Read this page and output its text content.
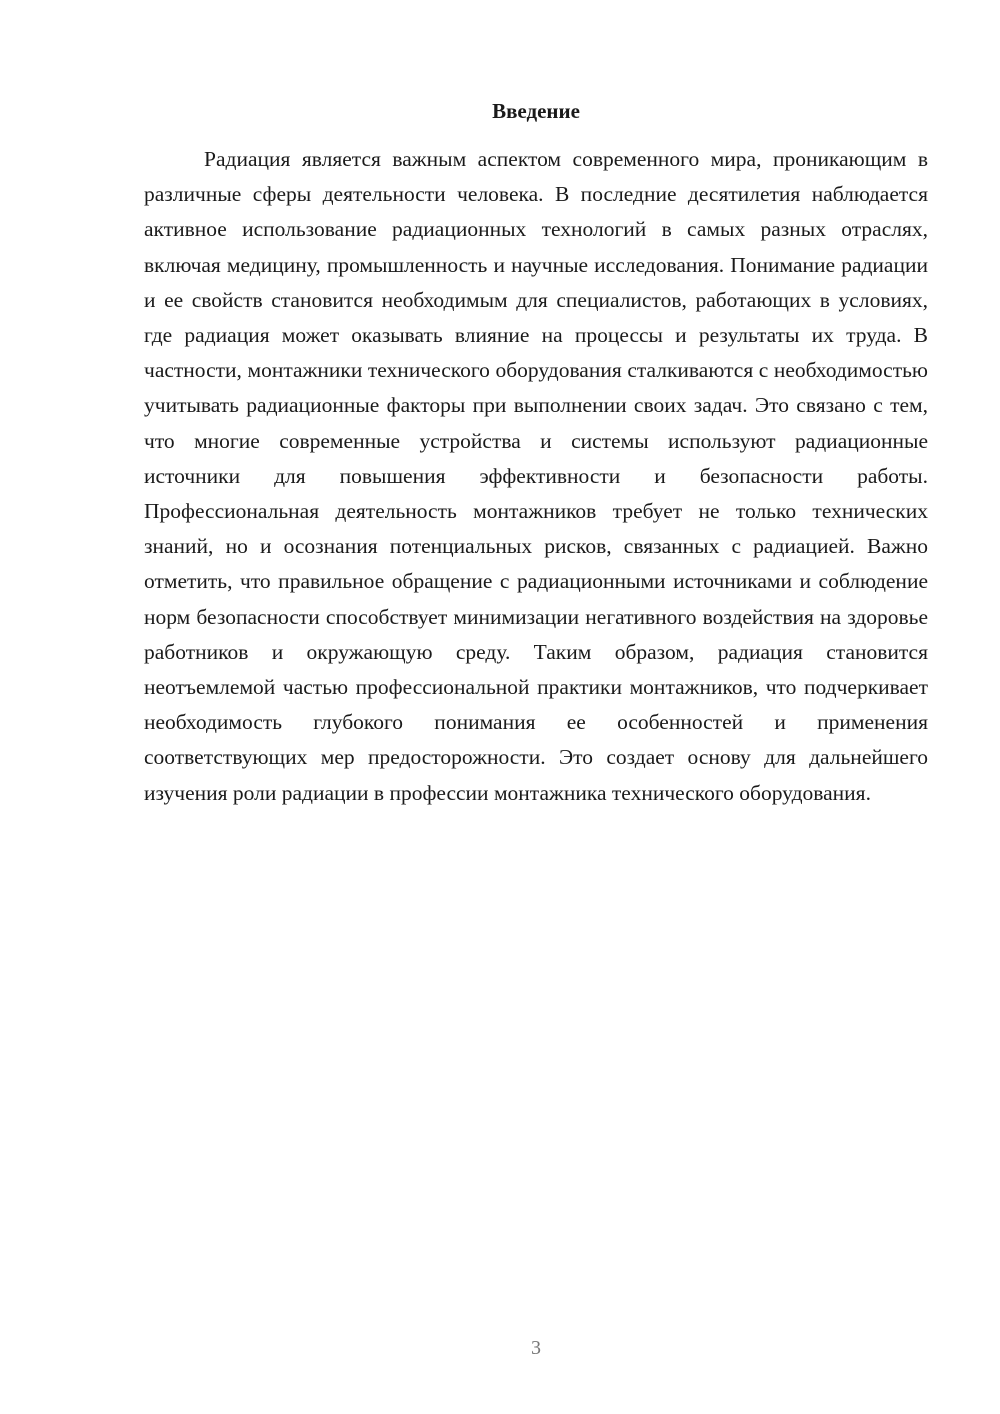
Введение

Радиация является важным аспектом современного мира, проникающим в различные сферы деятельности человека. В последние десятилетия наблюдается активное использование радиационных технологий в самых разных отраслях, включая медицину, промышленность и научные исследования. Понимание радиации и ее свойств становится необходимым для специалистов, работающих в условиях, где радиация может оказывать влияние на процессы и результаты их труда. В частности, монтажники технического оборудования сталкиваются с необходимостью учитывать радиационные факторы при выполнении своих задач. Это связано с тем, что многие современные устройства и системы используют радиационные источники для повышения эффективности и безопасности работы. Профессиональная деятельность монтажников требует не только технических знаний, но и осознания потенциальных рисков, связанных с радиацией. Важно отметить, что правильное обращение с радиационными источниками и соблюдение норм безопасности способствует минимизации негативного воздействия на здоровье работников и окружающую среду. Таким образом, радиация становится неотъемлемой частью профессиональной практики монтажников, что подчеркивает необходимость глубокого понимания ее особенностей и применения соответствующих мер предосторожности. Это создает основу для дальнейшего изучения роли радиации в профессии монтажника технического оборудования.

3
